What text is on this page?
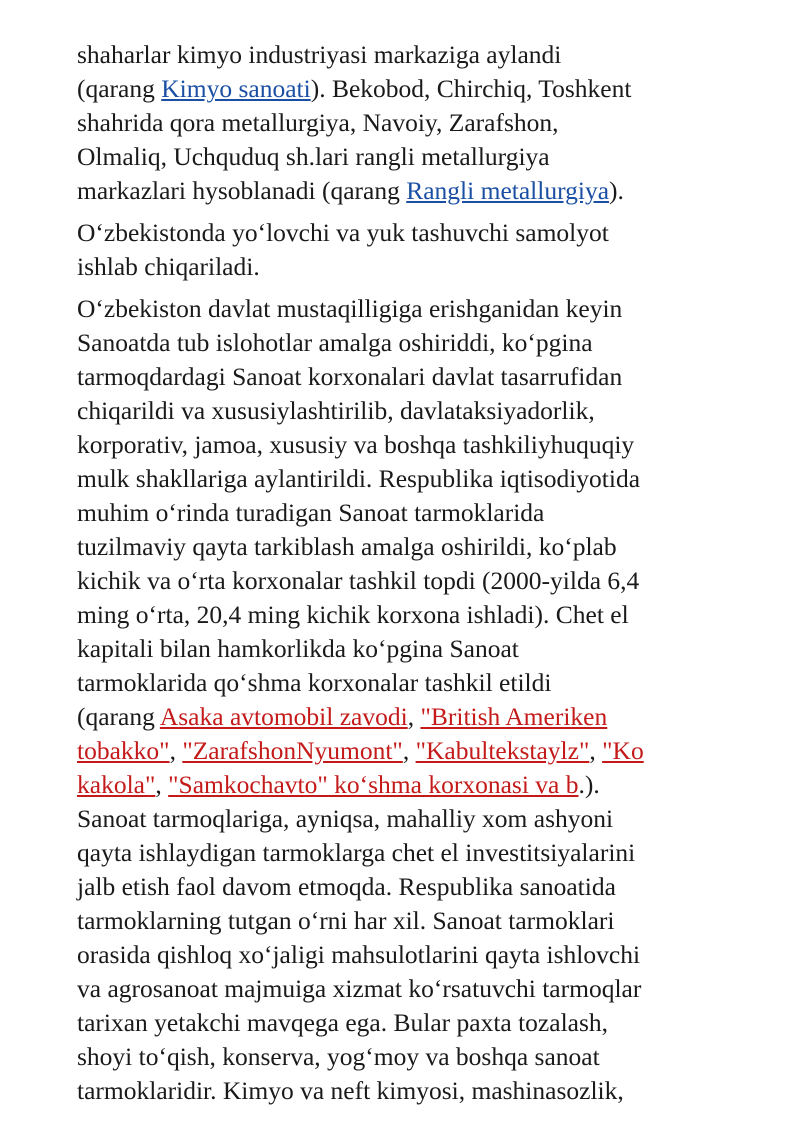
shaharlar kimyo industriyasi markaziga aylandi
(qarang Kimyo sanoati). Bekobod, Chirchiq, Toshkent
shahrida qora metallurgiya, Navoiy, Zarafshon,
Olmaliq, Uchquduq sh.lari rangli metallurgiya
markazlari hysoblanadi (qarang Rangli metallurgiya).

O‘zbekistonda yo‘lovchi va yuk tashuvchi samolyot
ishlab chiqariladi.

O‘zbekiston davlat mustaqilligiga erishganidan keyin
Sanoatda tub islohotlar amalga oshiriddi, ko‘pgina
tarmoqdardagi Sanoat korxonalari davlat tasarrufidan
chiqarildi va xususiylashtirilib, davlataksiyadorlik,
korporativ, jamoa, xususiy va boshqa tashkiliyhuquqiy
mulk shakllariga aylantirildi. Respublika iqtisodiyotida
muhim o‘rinda turadigan Sanoat tarmoklarida
tuzilmaviy qayta tarkiblash amalga oshirildi, ko‘plab
kichik va o‘rta korxonalar tashkil topdi (2000-yilda 6,4
ming o‘rta, 20,4 ming kichik korxona ishladi). Chet el
kapitali bilan hamkorlikda ko‘pgina Sanoat
tarmoklarida qo‘shma korxonalar tashkil etildi
(qarang Asaka avtomobil zavodi, "British Ameriken
tobakko", "ZarafshonNyumont", "Kabultekstaylz", "Ko
kakola", "Samkochavto" ko‘shma korxonasi va b.).
Sanoat tarmoqlariga, ayniqsa, mahalliy xom ashyoni
qayta ishlaydigan tarmoklarga chet el investitsiyalarini
jalb etish faol davom etmoqda. Respublika sanoatida
tarmoklarning tutgan o‘rni har xil. Sanoat tarmoklari
orasida qishloq xo‘jaligi mahsulotlarini qayta ishlovchi
va agrosanoat majmuiga xizmat ko‘rsatuvchi tarmoqlar
tarixan yetakchi mavqega ega. Bular paxta tozalash,
shoyi to‘qish, konserva, yog‘moy va boshqa sanoat
tarmoklaridir. Kimyo va neft kimyosi, mashinasozlik,
